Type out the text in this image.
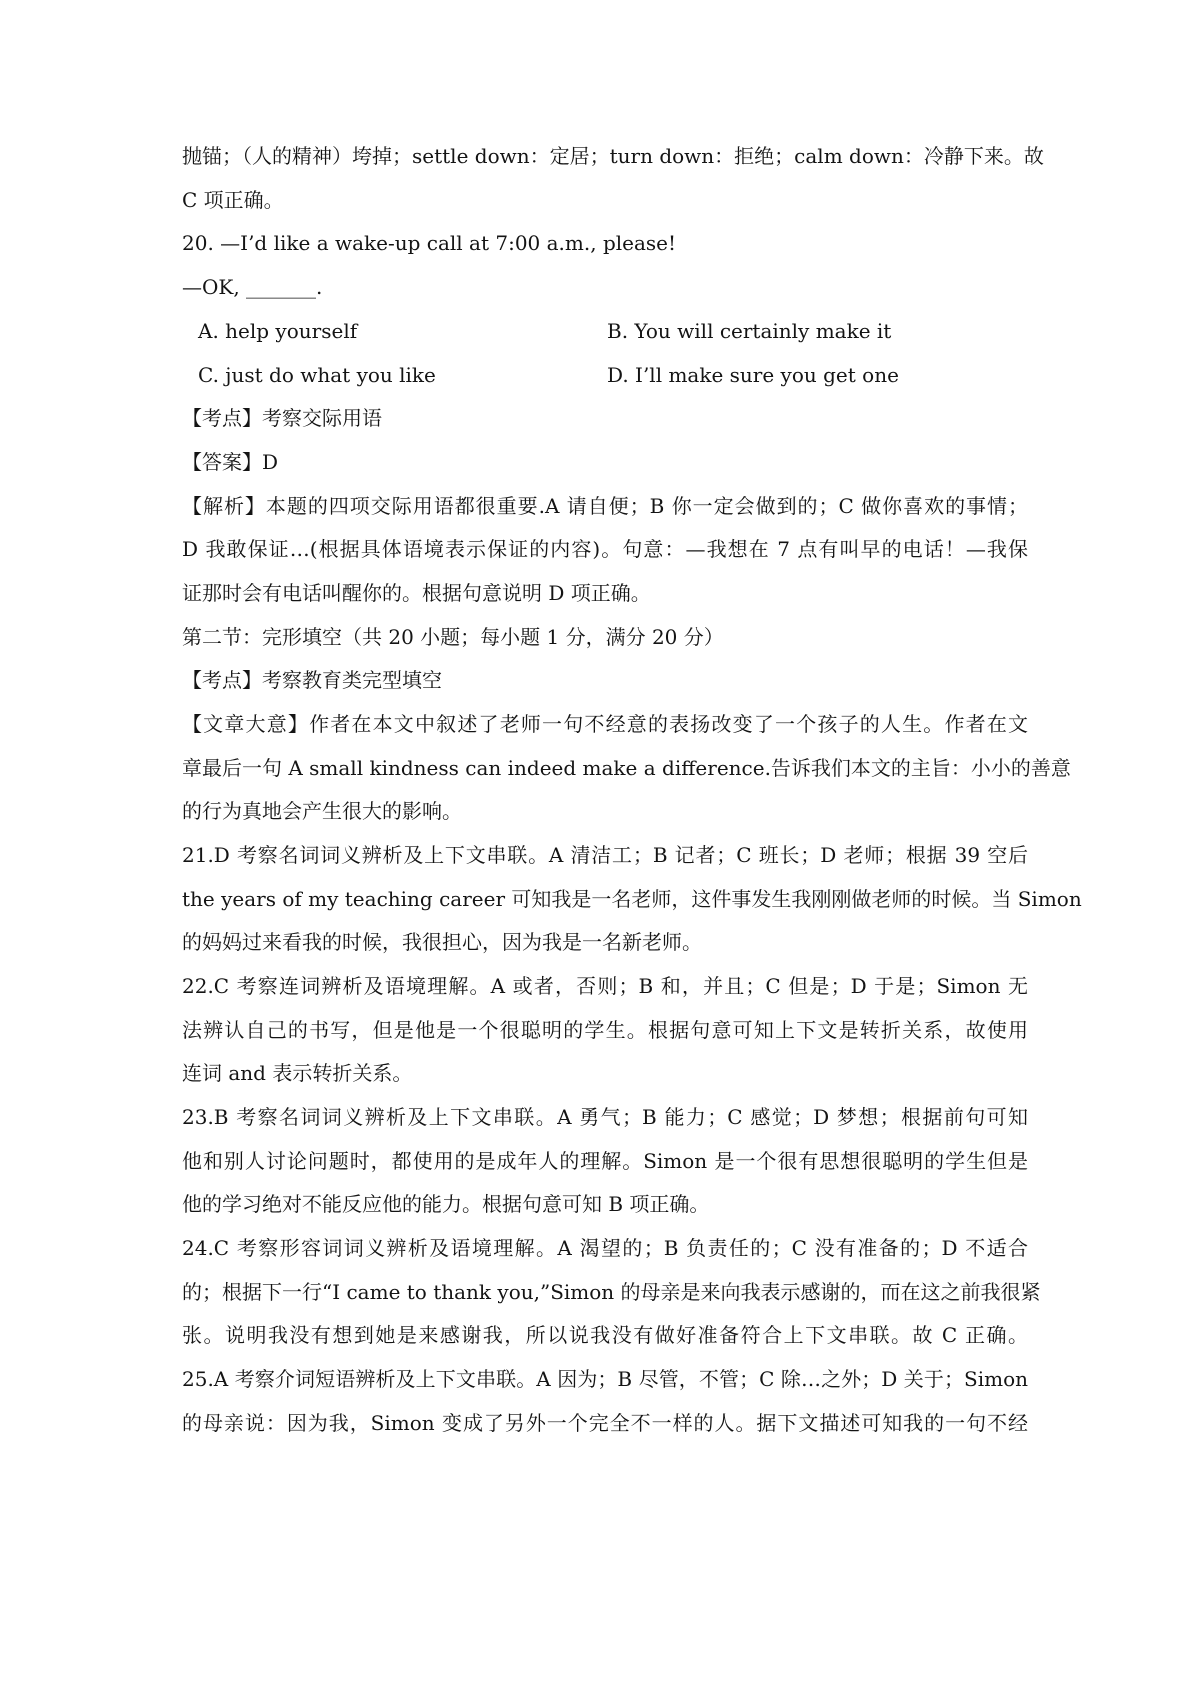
抛锚；（人的精神）垮掉；settle down：定居；turn down：拒绝；calm down：冷静下来。故
C 项正确。
20. —I’d like a wake-up call at 7:00 a.m., please!
—OK, _______.
A. help yourself	B. You will certainly make it
C. just do what you like	D. I’ll make sure you get one
【考点】考察交际用语
【答案】D
【解析】本题的四项交际用语都很重要.A 请自便；B 你一定会做到的；C 做你喜欢的事情；
D 我敢保证…(根据具体语境表示保证的内容)。句意：—我想在 7 点有叫早的电话！—我保
证那时会有电话叫醒你的。根据句意说明 D 项正确。
第二节：完形填空（共 20 小题；每小题 1 分，满分 20 分）
【考点】考察教育类完型填空
【文章大意】作者在本文中叙述了老师一句不经意的表扬改变了一个孩子的人生。作者在文
章最后一句 A small kindness can indeed make a difference.告诉我们本文的主旨：小小的善意
的行为真地会产生很大的影响。
21.D 考察名词词义辨析及上下文串联。A 清洁工；B 记者；C 班长；D 老师；根据 39 空后
the years of my teaching career 可知我是一名老师，这件事发生我刚刚做老师的时候。当 Simon
的妈妈过来看我的时候，我很担心，因为我是一名新老师。
22.C 考察连词辨析及语境理解。A 或者，否则；B 和，并且；C 但是；D 于是；Simon 无
法辨认自己的书写，但是他是一个很聪明的学生。根据句意可知上下文是转折关系，故使用
连词 and 表示转折关系。
23.B 考察名词词义辨析及上下文串联。A 勇气；B 能力；C 感觉；D 梦想；根据前句可知
他和别人讨论问题时，都使用的是成年人的理解。Simon 是一个很有思想很聪明的学生但是
他的学习绝对不能反应他的能力。根据句意可知 B 项正确。
24.C 考察形容词词义辨析及语境理解。A 渴望的；B 负责任的；C 没有准备的；D 不适合
的；根据下一行“I came to thank you,”Simon 的母亲是来向我表示感谢的，而在这之前我很紧
张。说明我没有想到她是来感谢我，所以说我没有做好准备符合上下文串联。故 C 正确。
25.A 考察介词短语辨析及上下文串联。A 因为；B 尽管，不管；C 除…之外；D 关于；Simon
的母亲说：因为我，Simon 变成了另外一个完全不一样的人。据下文描述可知我的一句不经
